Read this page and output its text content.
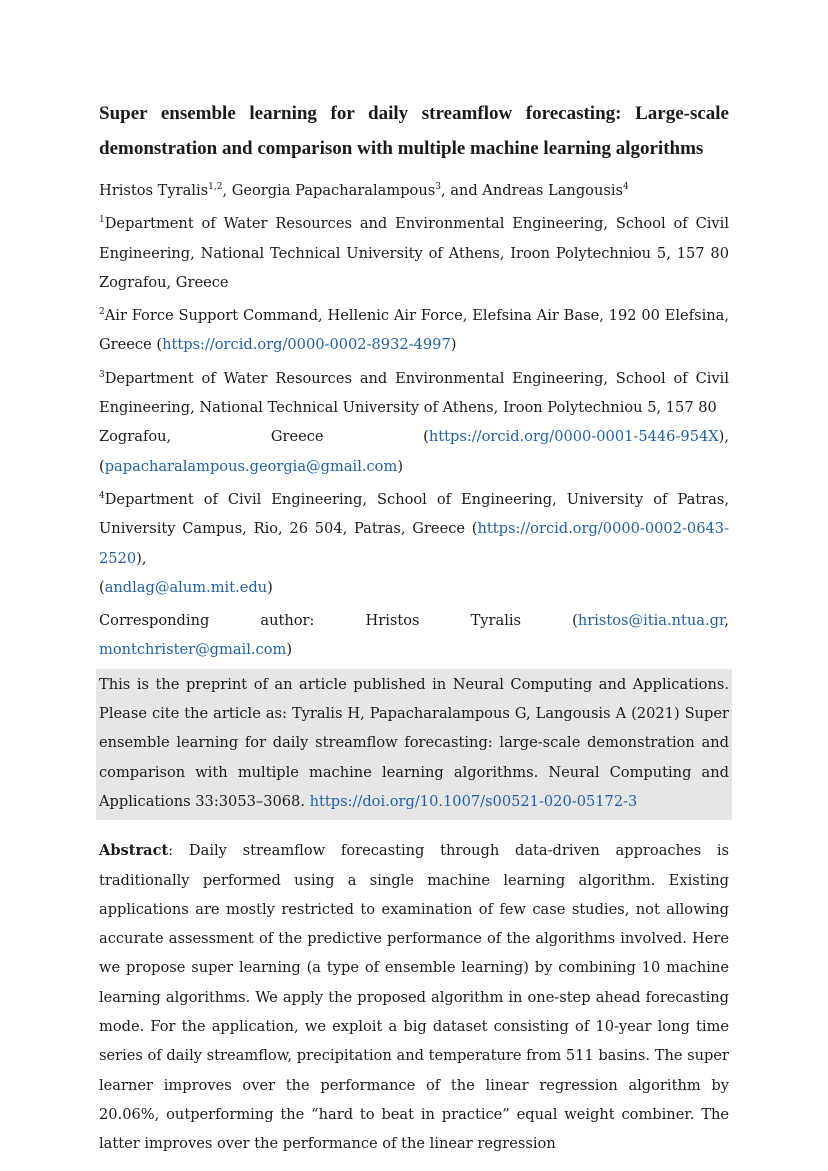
Super ensemble learning for daily streamflow forecasting: Large-scale demonstration and comparison with multiple machine learning algorithms
Hristos Tyralis$^{1,2}$, Georgia Papacharalampous$^3$, and Andreas Langousis$^4$
$^1$Department of Water Resources and Environmental Engineering, School of Civil Engineering, National Technical University of Athens, Iroon Polytechniou 5, 157 80 Zografou, Greece
$^2$Air Force Support Command, Hellenic Air Force, Elefsina Air Base, 192 00 Elefsina, Greece (https://orcid.org/0000-0002-8932-4997)
$^3$Department of Water Resources and Environmental Engineering, School of Civil Engineering, National Technical University of Athens, Iroon Polytechniou 5, 157 80
Zografou,	Greece	(https://orcid.org/0000-0001-5446-954X),
(papacharalampous.georgia@gmail.com)
$^4$Department of Civil Engineering, School of Engineering, University of Patras, University Campus, Rio, 26 504, Patras, Greece (https://orcid.org/0000-0002-0643-2520),
(andlag@alum.mit.edu)
Corresponding author: Hristos Tyralis (hristos@itia.ntua.gr, montchrister@gmail.com)
This is the preprint of an article published in Neural Computing and Applications. Please cite the article as: Tyralis H, Papacharalampous G, Langousis A (2021) Super ensemble learning for daily streamflow forecasting: large-scale demonstration and comparison with multiple machine learning algorithms. Neural Computing and Applications 33:3053–3068. https://doi.org/10.1007/s00521-020-05172-3
Abstract: Daily streamflow forecasting through data-driven approaches is traditionally performed using a single machine learning algorithm. Existing applications are mostly restricted to examination of few case studies, not allowing accurate assessment of the predictive performance of the algorithms involved. Here we propose super learning (a type of ensemble learning) by combining 10 machine learning algorithms. We apply the proposed algorithm in one-step ahead forecasting mode. For the application, we exploit a big dataset consisting of 10-year long time series of daily streamflow, precipitation and temperature from 511 basins. The super learner improves over the performance of the linear regression algorithm by 20.06%, outperforming the “hard to beat in practice” equal weight combiner. The latter improves over the performance of the linear regression
